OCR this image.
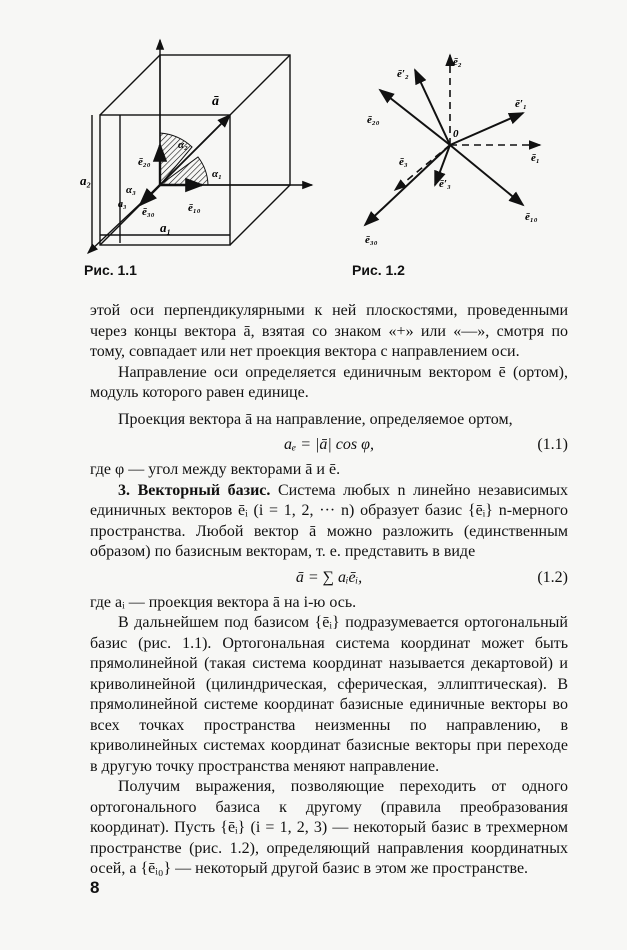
ā
ē₂₀
α₂
α₁
α₃
a₃
ē₃₀	ē₁₀
a₂
a₁
Рис. 1.1
ē′₂
ē₂
ē′₁
ē₁
0
ē₂₀
ē₃
ē′₃
ē₁₀
ē₃₀
Рис. 1.2

этой оси перпендикулярными к ней плоскостями, проведенными через концы вектора ā, взятая со знаком «+» или «—», смотря по тому, совпадает или нет проекция вектора с направлением оси.

Направление оси определяется единичным вектором ē (ортом), модуль которого равен единице.

Проекция вектора ā на направление, определяемое ортом,

aₑ = |ā| cos φ,	(1.1)

где φ — угол между векторами ā и ē.

3. Векторный базис. Система любых n линейно независимых единичных векторов ēᵢ (i = 1, 2, ··· n) образует базис {ēᵢ} n-мерного пространства. Любой вектор ā можно разложить (единственным образом) по базисным векторам, т. е. представить в виде

ā = ∑ aᵢēᵢ,	(1.2)

где aᵢ — проекция вектора ā на i-ю ось.

В дальнейшем под базисом {ēᵢ} подразумевается ортогональный базис (рис. 1.1). Ортогональная система координат может быть прямолинейной (такая система координат называется декартовой) и криволинейной (цилиндрическая, сферическая, эллиптическая). В прямолинейной системе координат базисные единичные векторы во всех точках пространства неизменны по направлению, в криволинейных системах координат базисные векторы при переходе в другую точку пространства меняют направление.

Получим выражения, позволяющие переходить от одного ортогонального базиса к другому (правила преобразования координат). Пусть {ēᵢ} (i = 1, 2, 3) — некоторый базис в трехмерном пространстве (рис. 1.2), определяющий направления координатных осей, а {ēᵢ₀} — некоторый другой базис в этом же пространстве.

8
